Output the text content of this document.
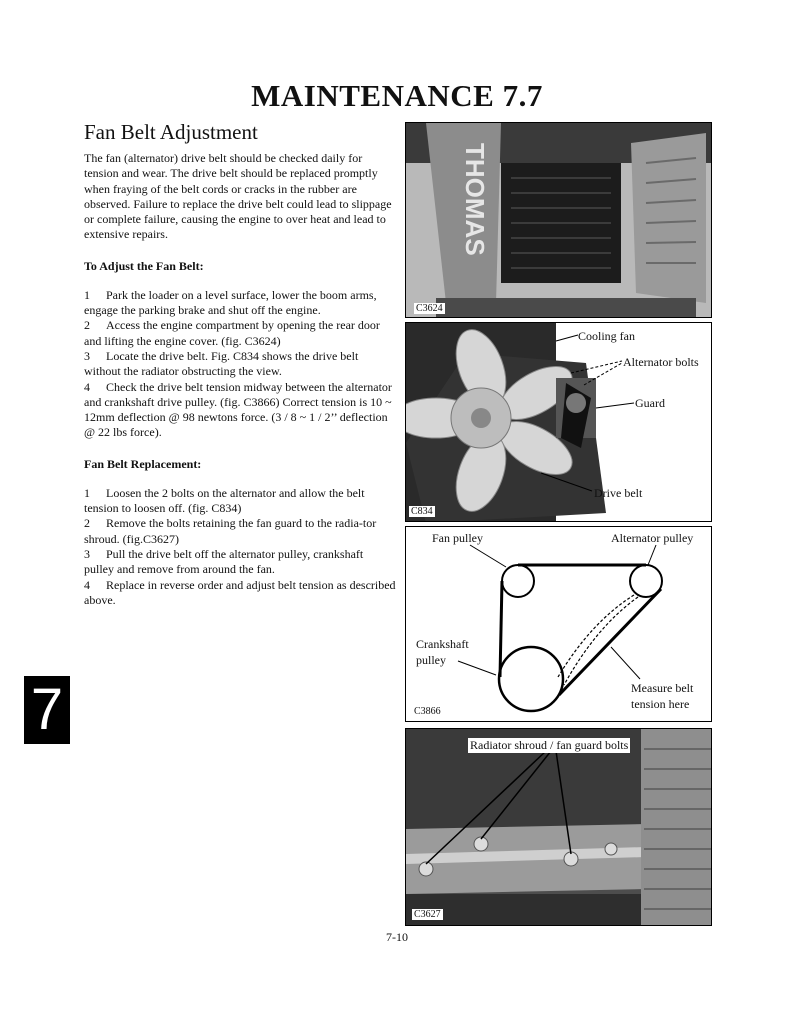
MAINTENANCE 7.7
Fan Belt Adjustment

The fan (alternator) drive belt should be checked daily for tension and wear. The drive belt should be replaced promptly when fraying of the belt cords or cracks in the rubber are observed. Failure to replace the drive belt could lead to slippage or complete failure, causing the engine to over heat and lead to extensive repairs.

To Adjust the Fan Belt:

1 Park the loader on a level surface, lower the boom arms, engage the parking brake and shut off the engine.

2 Access the engine compartment by opening the rear door and lifting the engine cover. (fig. C3624)

3 Locate the drive belt. Fig. C834 shows the drive belt without the radiator obstructing the view.

4 Check the drive belt tension midway between the alternator and crankshaft drive pulley. (fig. C3866) Correct tension is 10 ~ 12mm deflection @ 98 newtons force. (3 / 8 ~ 1 / 2’’ deflection @ 22 lbs force).

Fan Belt Replacement:

1 Loosen the 2 bolts on the alternator and allow the belt tension to loosen off. (fig. C834)

2 Remove the bolts retaining the fan guard to the radia-tor shroud. (fig.C3627)

3 Pull the drive belt off the alternator pulley, crankshaft pulley and remove from around the fan.

4 Replace in reverse order and adjust belt tension as described above.

7
THOMAS
C3624
Cooling fan
Alternator bolts
Guard
Drive belt
C834
Fan pulley	Alternator pulley
Crankshaft
pulley
Measure belt
tension here
C3866
Radiator shroud / fan guard bolts
C3627
7-10
